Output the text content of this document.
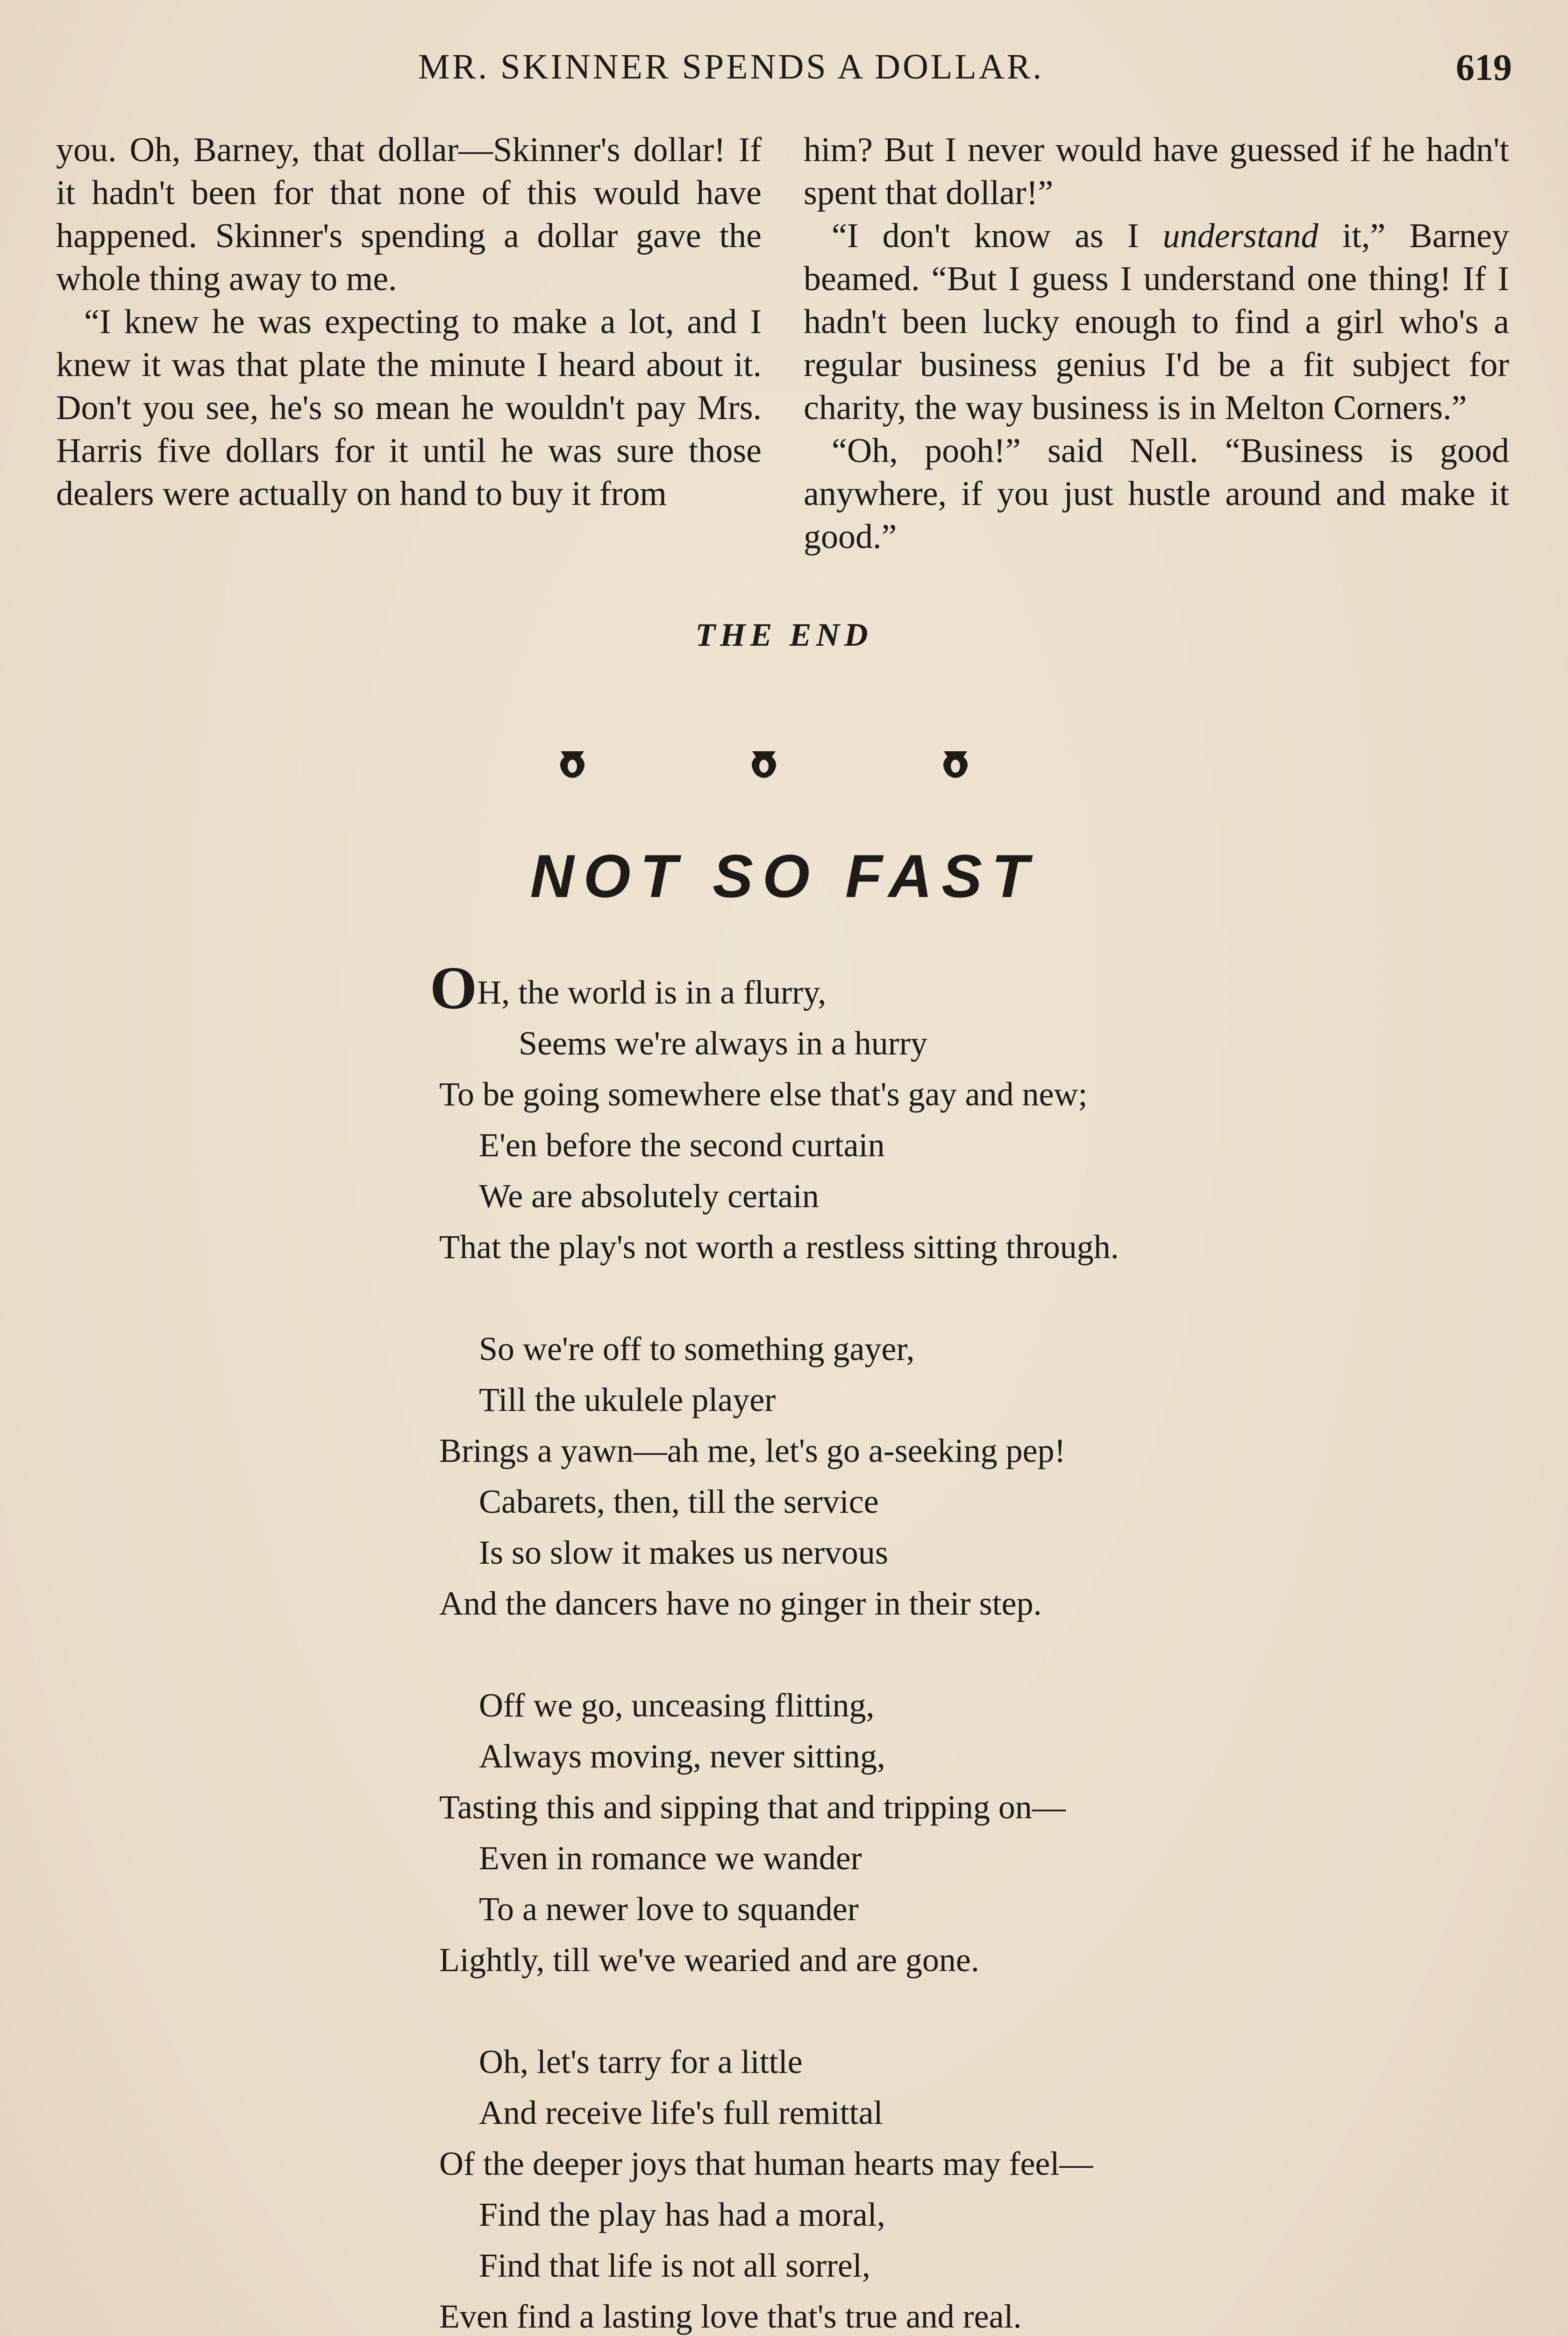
MR. SKINNER SPENDS A DOLLAR.	619

you. Oh, Barney, that dollar—Skinner's dollar! If it hadn't been for that none of this would have happened. Skinner's spending a dollar gave the whole thing away to me.

“I knew he was expecting to make a lot, and I knew it was that plate the minute I heard about it. Don't you see, he's so mean he wouldn't pay Mrs. Harris five dollars for it until he was sure those dealers were actually on hand to buy it from

him? But I never would have guessed if he hadn't spent that dollar!”

“I don't know as I understand it,” Barney beamed. “But I guess I understand one thing! If I hadn't been lucky enough to find a girl who's a regular business genius I'd be a fit subject for charity, the way business is in Melton Corners.”

“Oh, pooh!” said Nell. “Business is good anywhere, if you just hustle around and make it good.”

THE END
NOT SO FAST
OH, the world is in a flurry,
Seems we're always in a hurry
To be going somewhere else that's gay and new;
E'en before the second curtain
We are absolutely certain
That the play's not worth a restless sitting through.
So we're off to something gayer,
Till the ukulele player
Brings a yawn—ah me, let's go a-seeking pep!
Cabarets, then, till the service
Is so slow it makes us nervous
And the dancers have no ginger in their step.
Off we go, unceasing flitting,
Always moving, never sitting,
Tasting this and sipping that and tripping on—
Even in romance we wander
To a newer love to squander
Lightly, till we've wearied and are gone.
Oh, let's tarry for a little
And receive life's full remittal
Of the deeper joys that human hearts may feel—
Find the play has had a moral,
Find that life is not all sorrel,
Even find a lasting love that's true and real.
